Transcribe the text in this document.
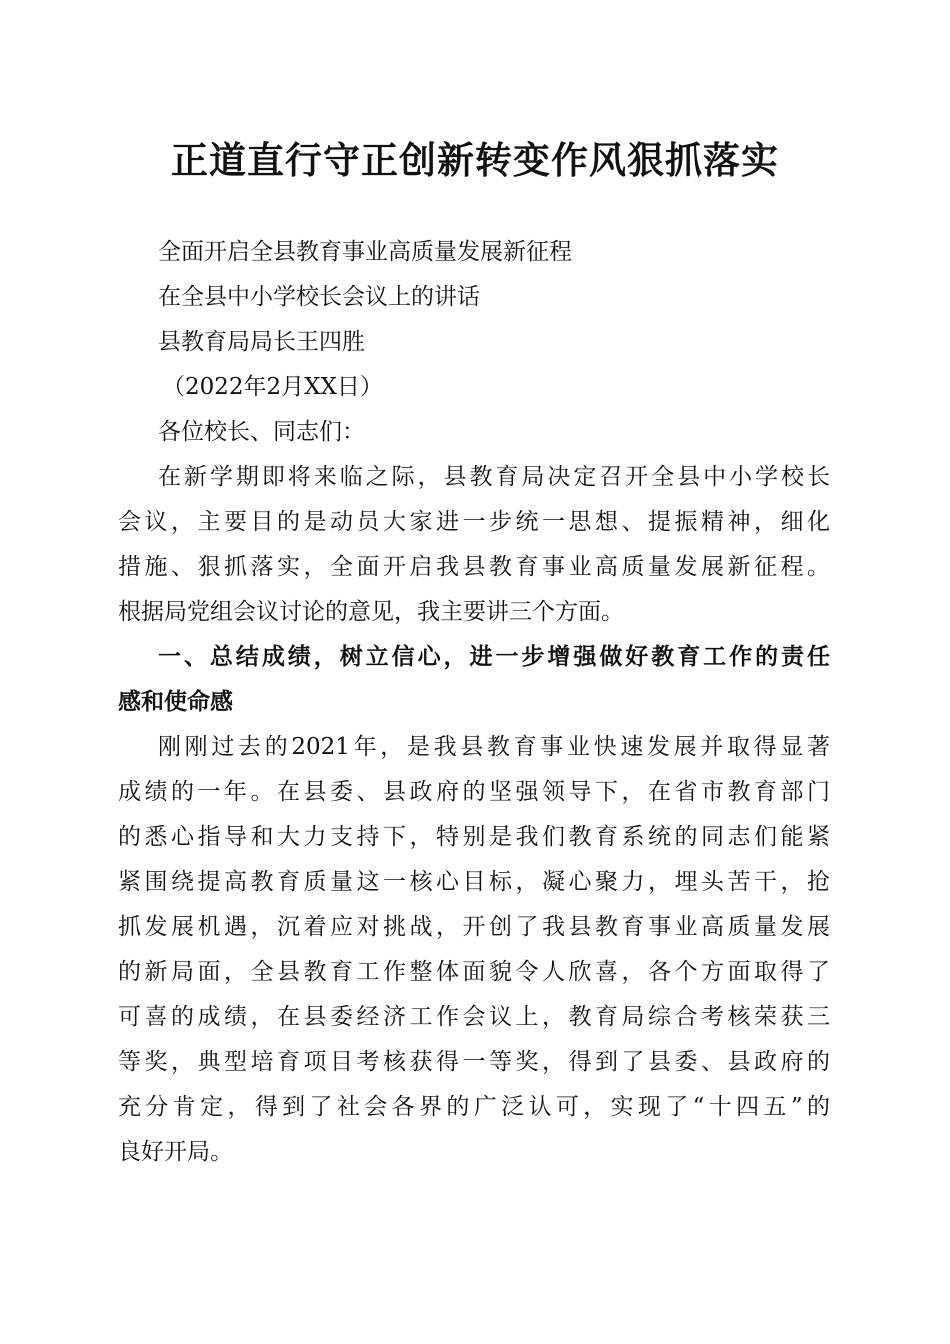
正道直行守正创新转变作风狠抓落实

全面开启全县教育事业高质量发展新征程

在全县中小学校长会议上的讲话

县教育局局长王四胜

（2022年2月XX日）

各位校长、同志们：

在新学期即将来临之际，县教育局决定召开全县中小学校长

会议，主要目的是动员大家进一步统一思想、提振精神，细化

措施、狠抓落实，全面开启我县教育事业高质量发展新征程。

根据局党组会议讨论的意见，我主要讲三个方面。

一、总结成绩，树立信心，进一步增强做好教育工作的责任

感和使命感

刚刚过去的2021年，是我县教育事业快速发展并取得显著

成绩的一年。在县委、县政府的坚强领导下，在省市教育部门

的悉心指导和大力支持下，特别是我们教育系统的同志们能紧

紧围绕提高教育质量这一核心目标，凝心聚力，埋头苦干，抢

抓发展机遇，沉着应对挑战，开创了我县教育事业高质量发展

的新局面，全县教育工作整体面貌令人欣喜，各个方面取得了

可喜的成绩，在县委经济工作会议上，教育局综合考核荣获三

等奖，典型培育项目考核获得一等奖，得到了县委、县政府的

充分肯定，得到了社会各界的广泛认可，实现了“十四五”的

良好开局。
